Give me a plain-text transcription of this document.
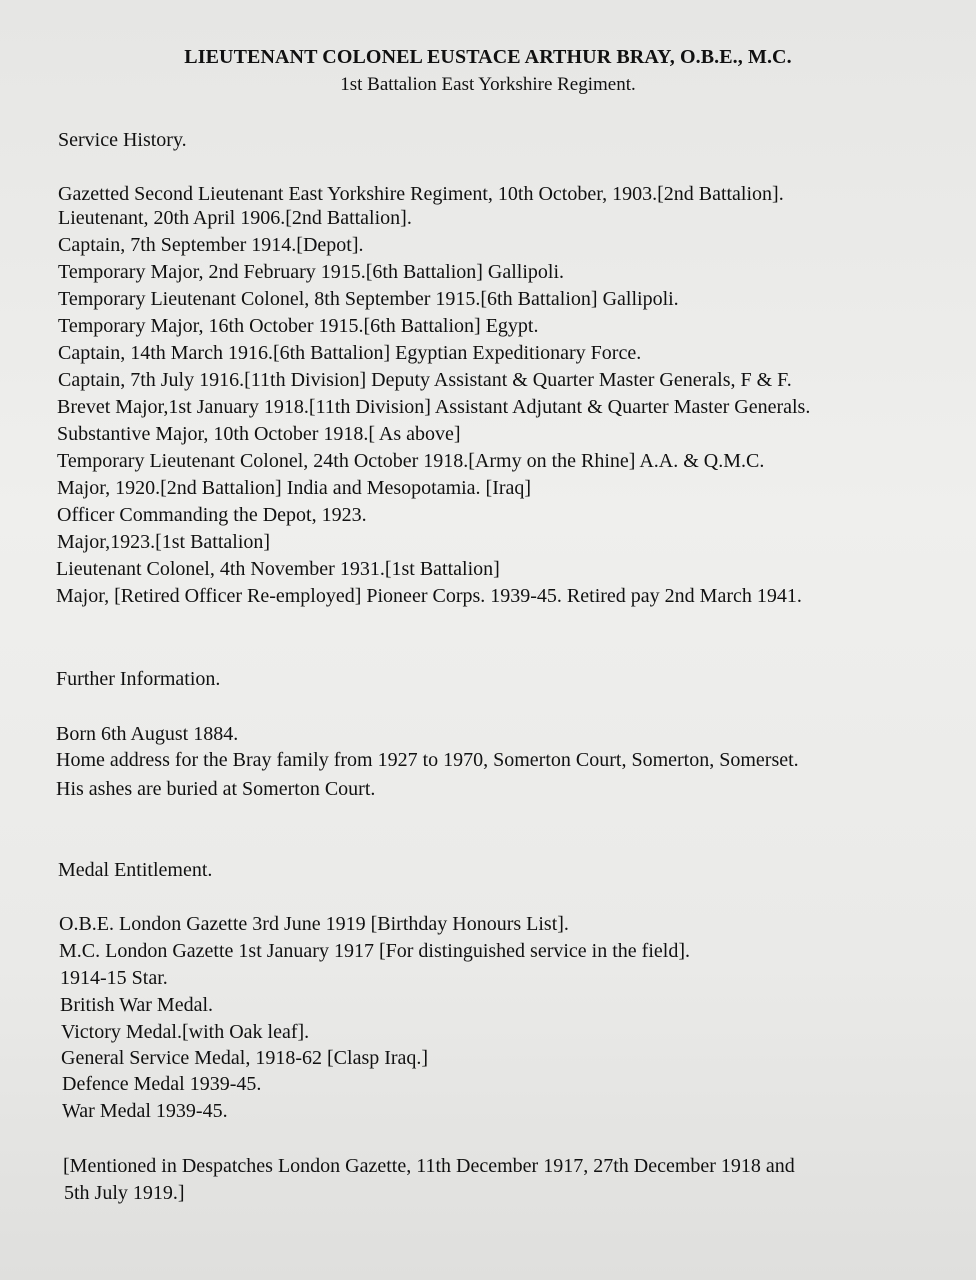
LIEUTENANT COLONEL EUSTACE ARTHUR BRAY, O.B.E., M.C.
1st Battalion East Yorkshire Regiment.
Service History.
Gazetted Second Lieutenant East Yorkshire Regiment, 10th October, 1903.[2nd Battalion].
Lieutenant, 20th April 1906.[2nd Battalion].
Captain, 7th September 1914.[Depot].
Temporary Major, 2nd February 1915.[6th Battalion] Gallipoli.
Temporary Lieutenant Colonel, 8th September 1915.[6th Battalion] Gallipoli.
Temporary Major, 16th October 1915.[6th Battalion] Egypt.
Captain, 14th March 1916.[6th Battalion] Egyptian Expeditionary Force.
Captain, 7th July 1916.[11th Division] Deputy Assistant & Quarter Master Generals, F & F.
Brevet Major,1st January 1918.[11th Division] Assistant Adjutant & Quarter Master Generals.
Substantive Major, 10th October 1918.[ As above]
Temporary Lieutenant Colonel, 24th October 1918.[Army on the Rhine] A.A. & Q.M.C.
Major, 1920.[2nd Battalion] India and Mesopotamia. [Iraq]
Officer Commanding the Depot, 1923.
Major,1923.[1st Battalion]
Lieutenant Colonel, 4th November 1931.[1st Battalion]
Major, [Retired Officer Re-employed] Pioneer Corps. 1939-45. Retired pay 2nd March 1941.
Further Information.
Born 6th August 1884.
Home address for the Bray family from 1927 to 1970, Somerton Court, Somerton, Somerset.
His ashes are buried at Somerton Court.
Medal Entitlement.
O.B.E. London Gazette 3rd June 1919 [Birthday Honours List].
M.C. London Gazette 1st January 1917 [For distinguished service in the field].
1914-15 Star.
British War Medal.
Victory Medal.[with Oak leaf].
General Service Medal, 1918-62 [Clasp Iraq.]
Defence Medal 1939-45.
War Medal 1939-45.
[Mentioned in Despatches London Gazette, 11th December 1917, 27th December 1918 and
5th July 1919.]
